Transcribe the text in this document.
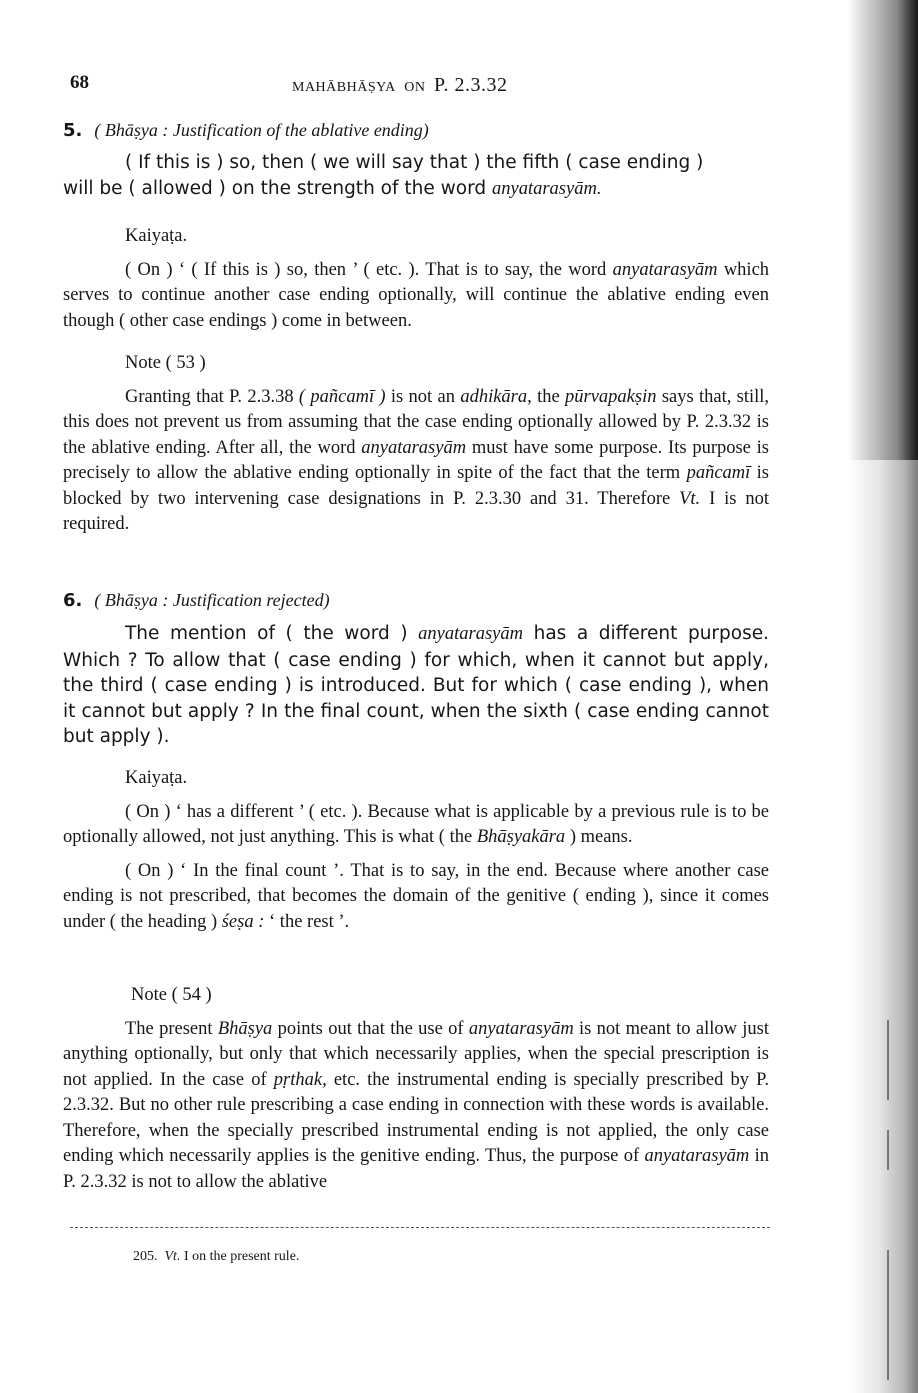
68	MAHĀBHĀṢYA ON P. 2.3.32

5. ( Bhāṣya : Justification of the ablative ending)

( If this is ) so, then ( we will say that ) the fifth ( case ending )
will be ( allowed ) on the strength of the word anyatarasyām.

Kaiyaṭa.

( On ) ‘ ( If this is ) so, then ’ ( etc. ). That is to say, the word anyatarasyām which serves to continue another case ending optionally, will continue the ablative ending even though ( other case endings ) come in between.

Note ( 53 )

Granting that P. 2.3.38 ( pañcamī ) is not an adhikāra, the pūrvapakṣin says that, still, this does not prevent us from assuming that the case ending optionally allowed by P. 2.3.32 is the ablative ending. After all, the word anyatarasyām must have some purpose. Its purpose is precisely to allow the ablative ending optionally in spite of the fact that the term pañcamī is blocked by two intervening case designations in P. 2.3.30 and 31. Therefore Vt. I is not required.

6. ( Bhāṣya : Justification rejected)

The mention of ( the word ) anyatarasyām has a different purpose. Which ? To allow that ( case ending ) for which, when it cannot but apply, the third ( case ending ) is introduced. But for which ( case ending ), when it cannot but apply ? In the final count, when the sixth ( case ending cannot but apply ).

Kaiyaṭa.

( On ) ‘ has a different ’ ( etc. ). Because what is applicable by a previous rule is to be optionally allowed, not just anything. This is what ( the Bhāṣyakāra ) means.

( On ) ‘ In the final count ’. That is to say, in the end. Because where another case ending is not prescribed, that becomes the domain of the genitive ( ending ), since it comes under ( the heading ) śeṣa : ‘ the rest ’.

Note ( 54 )

The present Bhāṣya points out that the use of anyatarasyām is not meant to allow just anything optionally, but only that which necessarily applies, when the special prescription is not applied. In the case of pṛthak, etc. the instrumental ending is specially prescribed by P. 2.3.32. But no other rule prescribing a case ending in connection with these words is available. Therefore, when the specially prescribed instrumental ending is not applied, the only case ending which necessarily applies is the genitive ending. Thus, the purpose of anyatarasyām in P. 2.3.32 is not to allow the ablative

205. Vt. I on the present rule.
